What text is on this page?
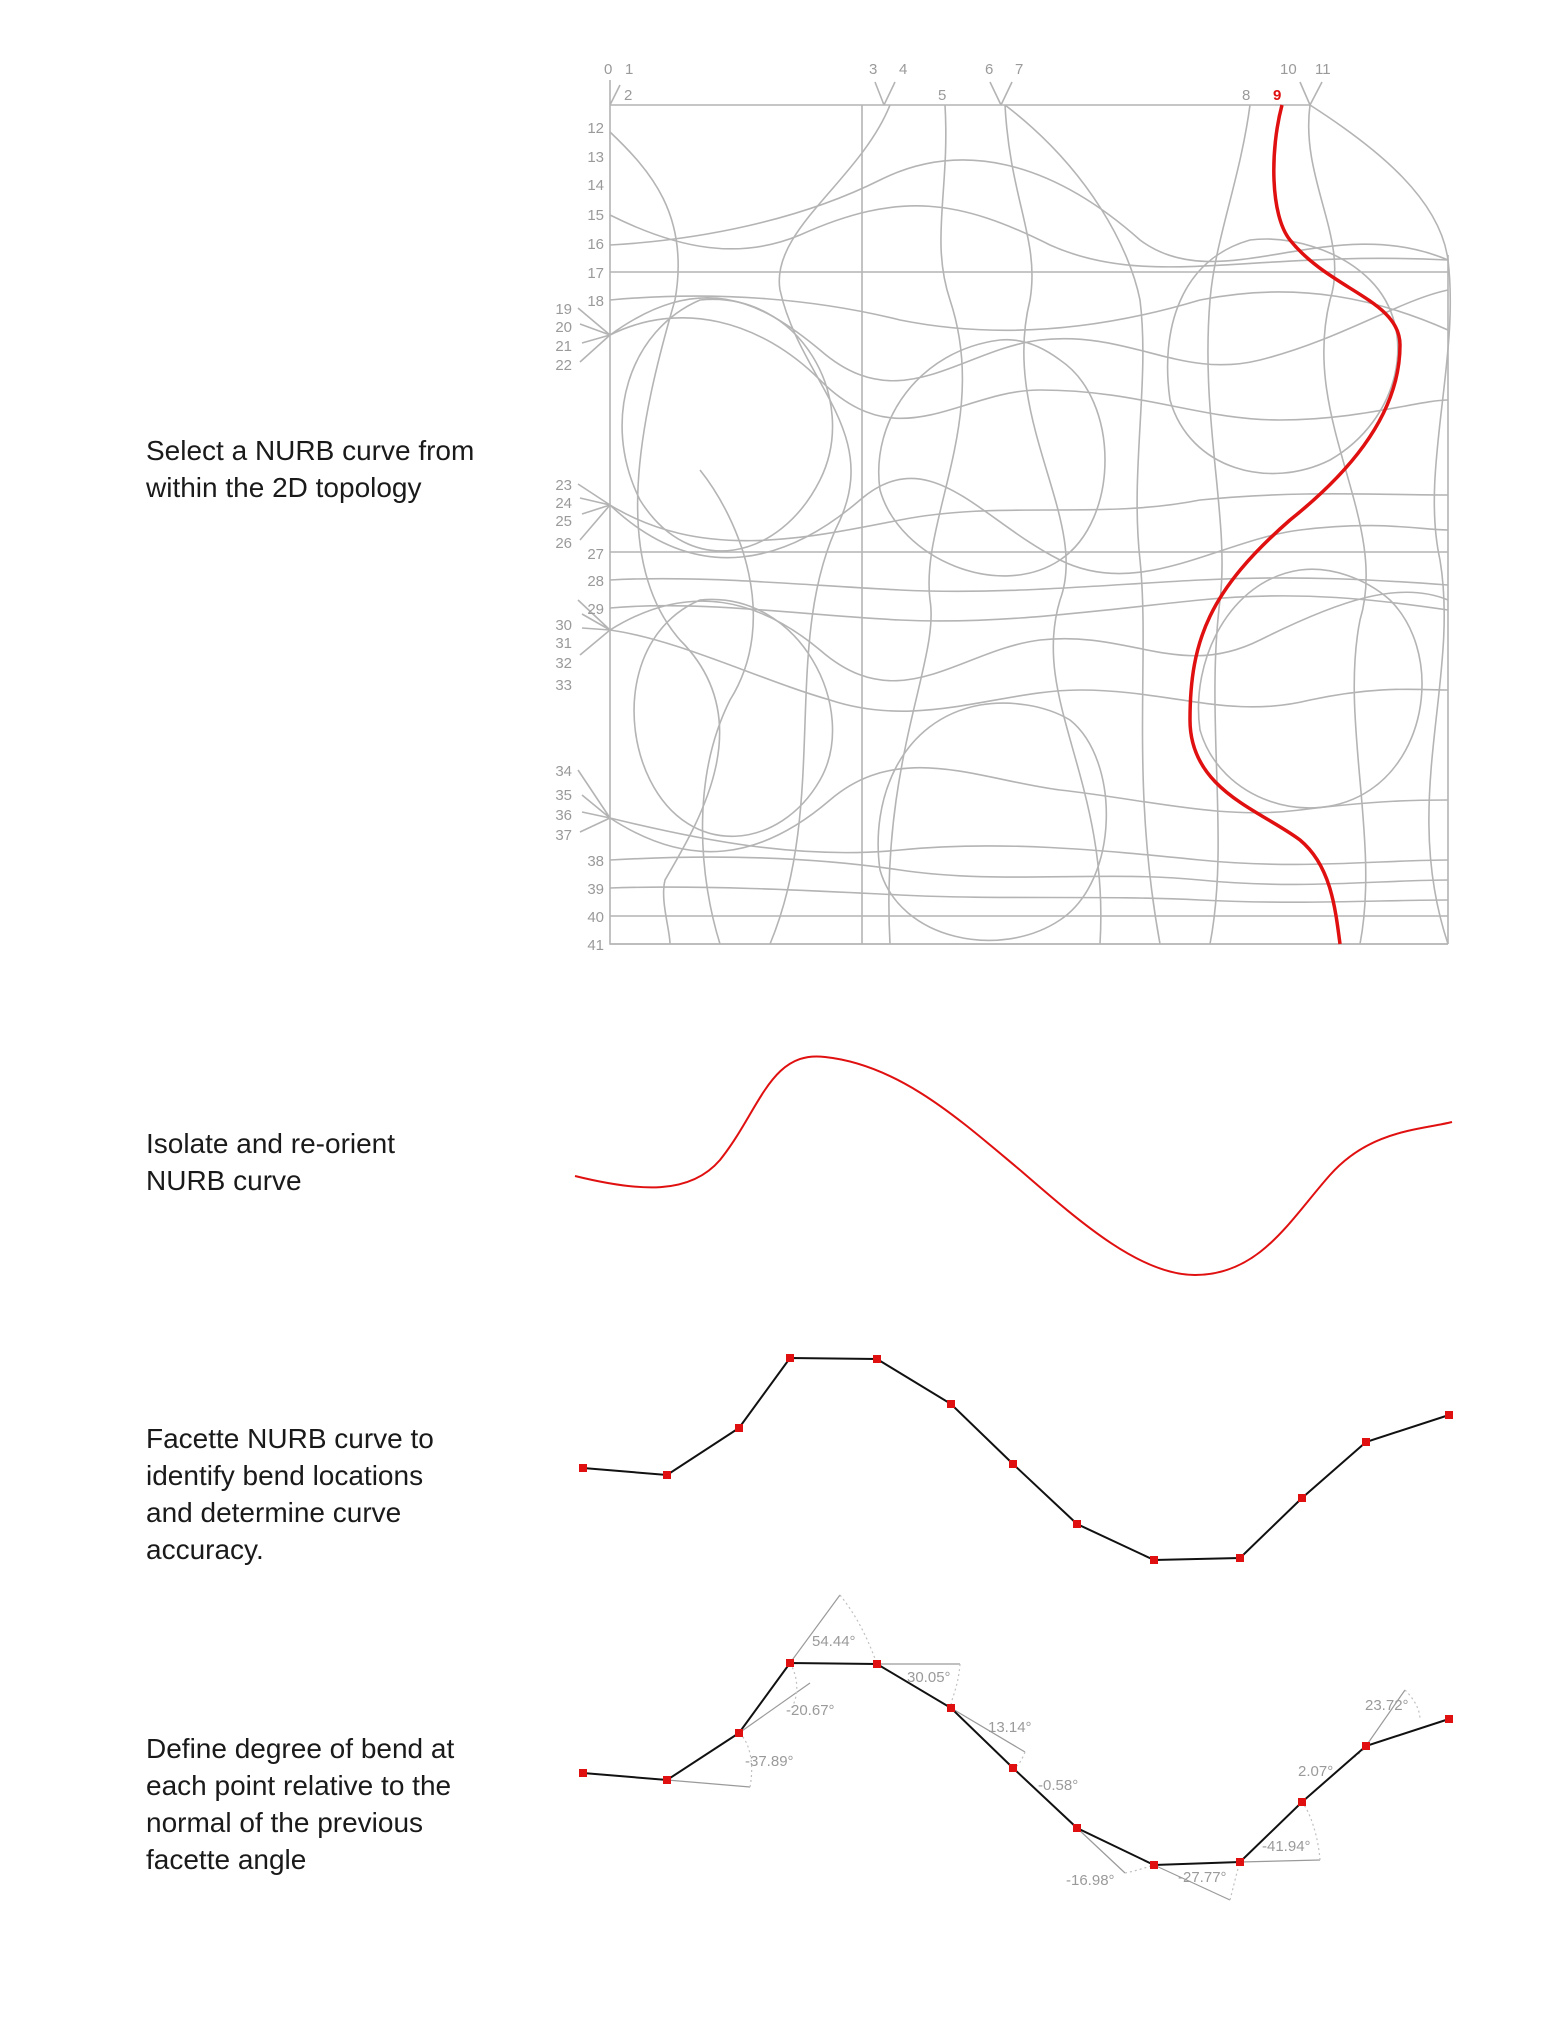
Select a NURB curve from

within the 2D topology

Isolate and re-orient

NURB curve

Facette NURB curve to

identify bend locations

and determine curve

accuracy.

Define degree of bend at

each point relative to the

normal of the previous

facette angle

0 1
2
3 4
5
6 7
8 9
10 11
12
13
14
15
16
17
18
19
20
21
22
23
24
25
26
27
28
29
30
31
32
33
34
35
36
37
38
39
40
41
54.44°
-20.67°
-37.89°
30.05°
13.14°
-0.58°
-16.98°	-27.77°
-41.94°
2.07°
23.72°
